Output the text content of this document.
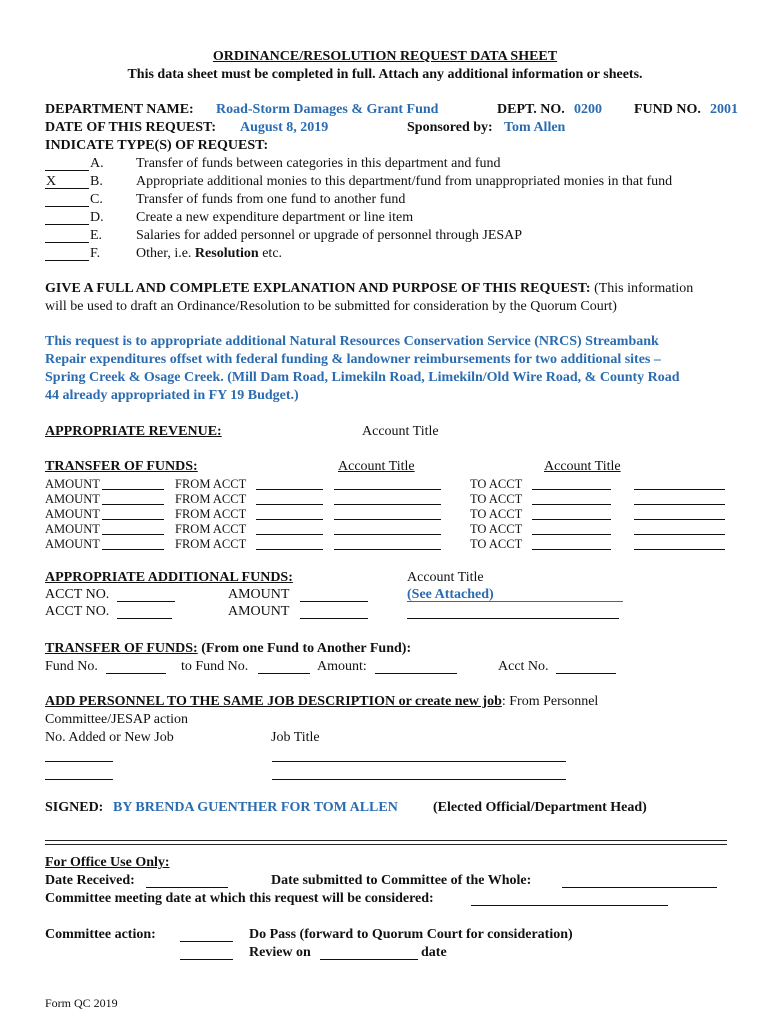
ORDINANCE/RESOLUTION REQUEST DATA SHEET
This data sheet must be completed in full. Attach any additional information or sheets.
DEPARTMENT NAME: Road-Storm Damages & Grant Fund	DEPT. NO. 0200 FUND NO. 2001
DATE OF THIS REQUEST: August 8, 2019	Sponsored by: Tom Allen
INDICATE TYPE(S) OF REQUEST:
A. Transfer of funds between categories in this department and fund
X B. Appropriate additional monies to this department/fund from unappropriated monies in that fund
C. Transfer of funds from one fund to another fund
D. Create a new expenditure department or line item
E. Salaries for added personnel or upgrade of personnel through JESAP
F.	Other, i.e. Resolution etc.
GIVE A FULL AND COMPLETE EXPLANATION AND PURPOSE OF THIS REQUEST: (This information
will be used to draft an Ordinance/Resolution to be submitted for consideration by the Quorum Court)
This request is to appropriate additional Natural Resources Conservation Service (NRCS) Streambank
Repair expenditures offset with federal funding & landowner reimbursements for two additional sites –
Spring Creek & Osage Creek. (Mill Dam Road, Limekiln Road, Limekiln/Old Wire Road, & County Road
44 already appropriated in FY 19 Budget.)
APPROPRIATE REVENUE:	Account Title
TRANSFER OF FUNDS:	Account Title	Account Title
AMOUNT	FROM ACCT	TO ACCT
AMOUNT	FROM ACCT	TO ACCT
AMOUNT	FROM ACCT	TO ACCT
AMOUNT	FROM ACCT	TO ACCT
AMOUNT	FROM ACCT	TO ACCT
APPROPRIATE ADDITIONAL FUNDS:	Account Title
ACCT NO.	AMOUNT	(See Attached)
ACCT NO.	AMOUNT
TRANSFER OF FUNDS: (From one Fund to Another Fund):
Fund No.	to Fund No.	Amount:	Acct No.
ADD PERSONNEL TO THE SAME JOB DESCRIPTION or create new job: From Personnel
Committee/JESAP action
No. Added or New Job	Job Title
SIGNED: BY BRENDA GUENTHER FOR TOM ALLEN	(Elected Official/Department Head)
For Office Use Only:
Date Received:	Date submitted to Committee of the Whole:
Committee meeting date at which this request will be considered:
Committee action:	Do Pass (forward to Quorum Court for consideration)
Review on	date
Form QC 2019
